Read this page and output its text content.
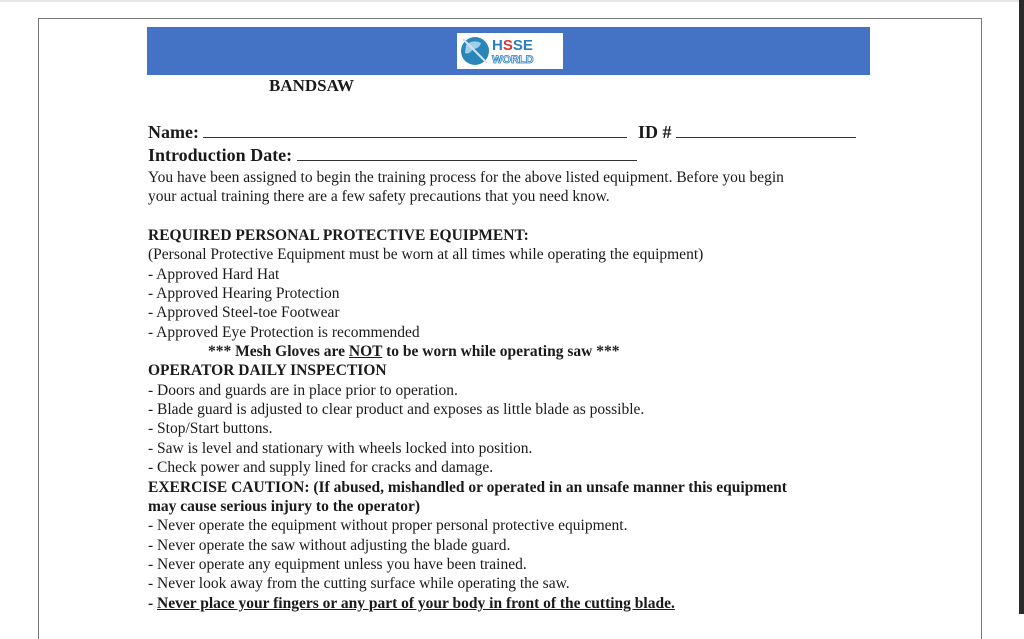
HSSE
WORLD
BANDSAW
Name:	ID #
Introduction Date:
You have been assigned to begin the training process for the above listed equipment. Before you begin
your actual training there are a few safety precautions that you need know.
REQUIRED PERSONAL PROTECTIVE EQUIPMENT:
(Personal Protective Equipment must be worn at all times while operating the equipment)
- Approved Hard Hat
- Approved Hearing Protection
- Approved Steel-toe Footwear
- Approved Eye Protection is recommended
*** Mesh Gloves are NOT to be worn while operating saw ***
OPERATOR DAILY INSPECTION
- Doors and guards are in place prior to operation.
- Blade guard is adjusted to clear product and exposes as little blade as possible.
- Stop/Start buttons.
- Saw is level and stationary with wheels locked into position.
- Check power and supply lined for cracks and damage.
EXERCISE CAUTION: (If abused, mishandled or operated in an unsafe manner this equipment
may cause serious injury to the operator)
- Never operate the equipment without proper personal protective equipment.
- Never operate the saw without adjusting the blade guard.
- Never operate any equipment unless you have been trained.
- Never look away from the cutting surface while operating the saw.
- Never place your fingers or any part of your body in front of the cutting blade.
